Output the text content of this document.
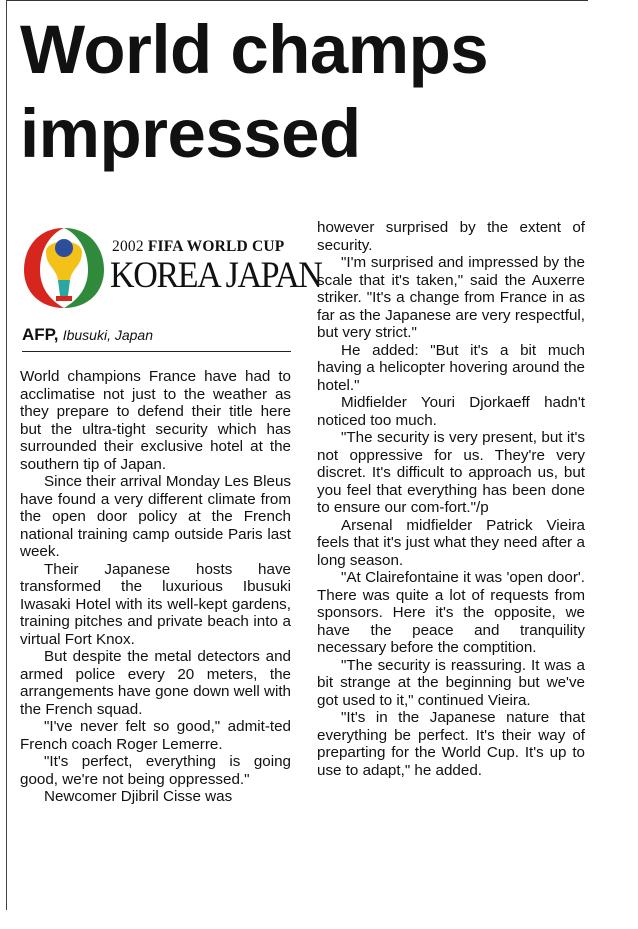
World champs
impressed
2002 FIFA WORLD CUP
KOREA JAPAN
AFP, Ibusuki, Japan

World champions France have had to acclimatise not just to the weather as they prepare to defend their title here but the ultra-tight security which has surrounded their exclusive hotel at the southern tip of Japan.

Since their arrival Monday Les Bleus have found a very different climate from the open door policy at the French national training camp outside Paris last week.

Their Japanese hosts have transformed the luxurious Ibusuki Iwasaki Hotel with its well-kept gardens, training pitches and private beach into a virtual Fort Knox.

But despite the metal detectors and armed police every 20 meters, the arrangements have gone down well with the French squad.

"I've never felt so good," admit-ted French coach Roger Lemerre.

"It's perfect, everything is going good, we're not being oppressed."

Newcomer Djibril Cisse was

however surprised by the extent of security.

"I'm surprised and impressed by the scale that it's taken," said the Auxerre striker. "It's a change from France in as far as the Japanese are very respectful, but very strict."

He added: "But it's a bit much having a helicopter hovering around the hotel."

Midfielder Youri Djorkaeff hadn't noticed too much.

"The security is very present, but it's not oppressive for us. They're very discret. It's difficult to approach us, but you feel that everything has been done to ensure our com-fort."/p

Arsenal midfielder Patrick Vieira feels that it's just what they need after a long season.

"At Clairefontaine it was 'open door'. There was quite a lot of requests from sponsors. Here it's the opposite, we have the peace and tranquility necessary before the comptition.

"The security is reassuring. It was a bit strange at the beginning but we've got used to it," continued Vieira.

"It's in the Japanese nature that everything be perfect. It's their way of preparting for the World Cup. It's up to use to adapt," he added.
